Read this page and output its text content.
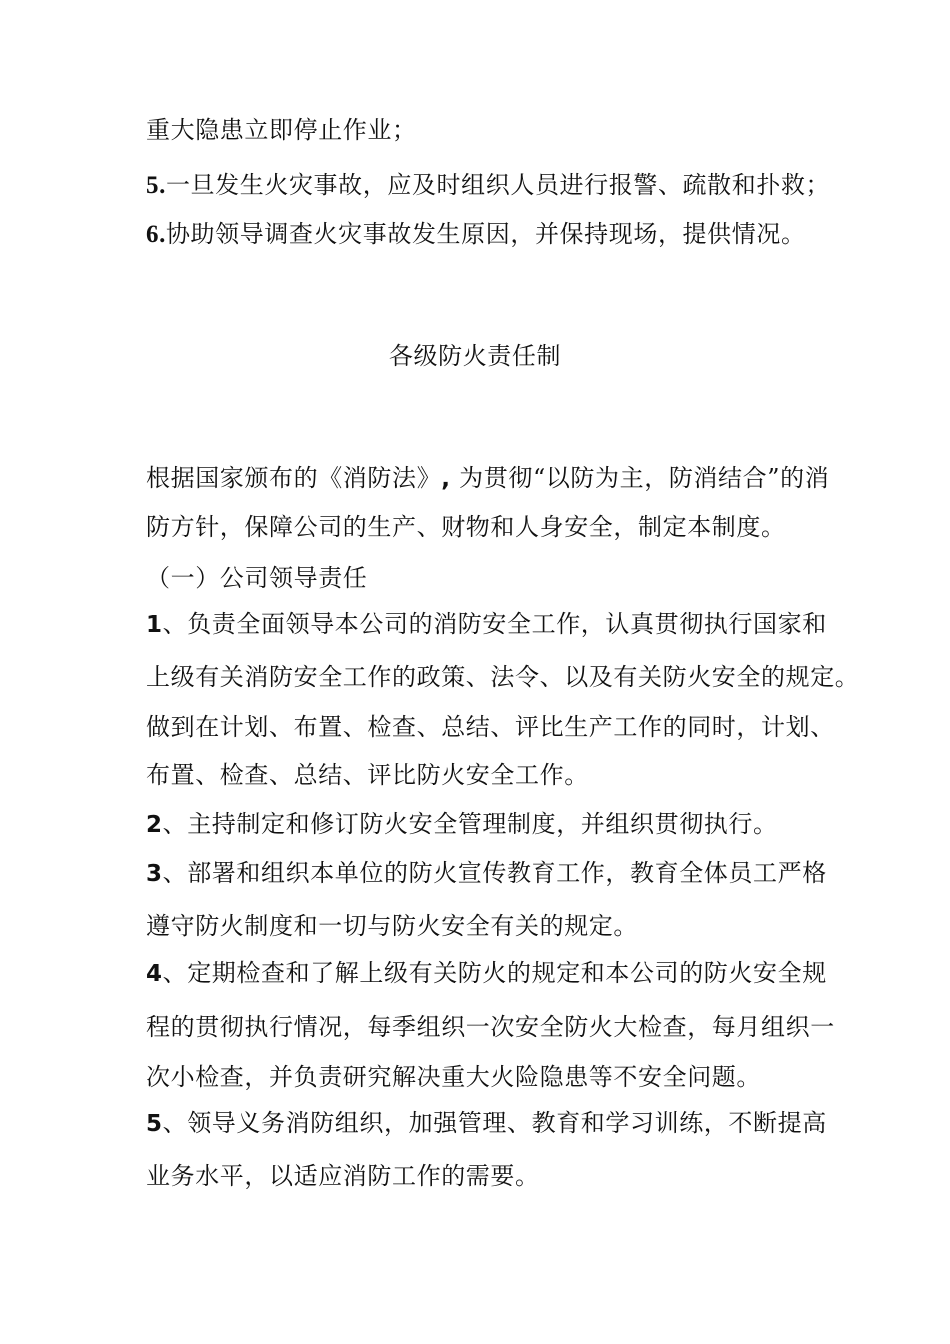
重大隐患立即停止作业；
5.一旦发生火灾事故，应及时组织人员进行报警、疏散和扑救；
6.协助领导调查火灾事故发生原因，并保持现场，提供情况。
各级防火责任制
根据国家颁布的《消防法》, 为贯彻“以防为主，防消结合”的消
防方针，保障公司的生产、财物和人身安全，制定本制度。
（一）公司领导责任
1、负责全面领导本公司的消防安全工作，认真贯彻执行国家和
上级有关消防安全工作的政策、法令、以及有关防火安全的规定。
做到在计划、布置、检查、总结、评比生产工作的同时，计划、
布置、检查、总结、评比防火安全工作。
2、主持制定和修订防火安全管理制度，并组织贯彻执行。
3、部署和组织本单位的防火宣传教育工作，教育全体员工严格
遵守防火制度和一切与防火安全有关的规定。
4、定期检查和了解上级有关防火的规定和本公司的防火安全规
程的贯彻执行情况，每季组织一次安全防火大检查，每月组织一
次小检查，并负责研究解决重大火险隐患等不安全问题。
5、领导义务消防组织，加强管理、教育和学习训练，不断提高
业务水平，以适应消防工作的需要。
